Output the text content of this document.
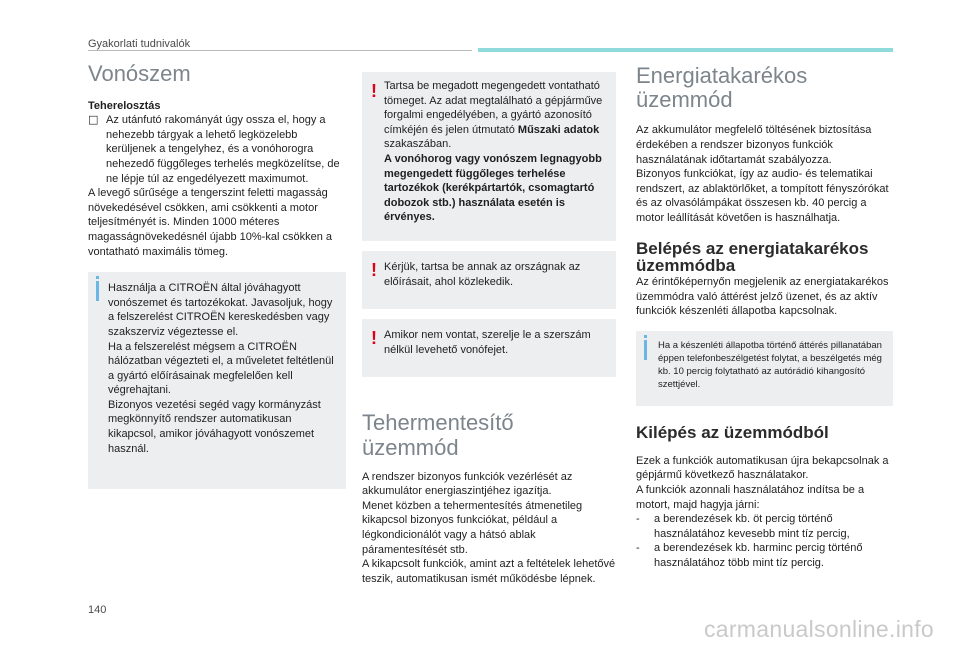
Gyakorlati tudnivalók
Vonószem

Teherelosztás

□ Az utánfutó rakományát úgy ossza el, hogy a nehezebb tárgyak a lehető legközelebb kerüljenek a tengelyhez, és a vonóhorogra nehezedő függőleges terhelés megközelítse, de ne lépje túl az engedélyezett maximumot.

A levegő sűrűsége a tengerszint feletti magasság növekedésével csökken, ami csökkenti a motor teljesítményét is. Minden 1000 méteres magasságnövekedésnél újabb 10%-kal csökken a vontatható maximális tömeg.

Használja a CITROËN által jóváhagyott vonószemet és tartozékokat. Javasoljuk, hogy a felszerelést CITROËN kereskedésben vagy szakszerviz végeztesse el.
Ha a felszerelést mégsem a CITROËN hálózatban végezteti el, a műveletet feltétlenül a gyártó előírásainak megfelelően kell végrehajtani.
Bizonyos vezetési segéd vagy kormányzást megkönnyítő rendszer automatikusan kikapcsol, amikor jóváhagyott vonószemet használ.
! Tartsa be megadott megengedett vontatható tömeget. Az adat megtalálható a gépjárműve forgalmi engedélyében, a gyártó azonosító címkéjén és jelen útmutató Műszaki adatok szakaszában.
A vonóhorog vagy vonószem legnagyobb megengedett függőleges terhelése tartozékok (kerékpártartók, csomagtartó dobozok stb.) használata esetén is érvényes.
! Kérjük, tartsa be annak az országnak az előírásait, ahol közlekedik.
! Amikor nem vontat, szerelje le a szerszám nélkül levehető vonófejet.
Tehermentesítő üzemmód

A rendszer bizonyos funkciók vezérlését az akkumulátor energiaszintjéhez igazítja.
Menet közben a tehermentesítés átmenetileg kikapcsol bizonyos funkciókat, például a légkondicionálót vagy a hátsó ablak páramentesítését stb.
A kikapcsolt funkciók, amint azt a feltételek lehetővé teszik, automatikusan ismét működésbe lépnek.

Energiatakarékos üzemmód

Az akkumulátor megfelelő töltésének biztosítása érdekében a rendszer bizonyos funkciók használatának időtartamát szabályozza.
Bizonyos funkciókat, így az audio- és telematikai rendszert, az ablaktörlőket, a tompított fényszórókat és az olvasólámpákat összesen kb. 40 percig a motor leállítását követően is használhatja.

Belépés az energiatakarékos üzemmódba

Az érintőképernyőn megjelenik az energiatakarékos üzemmódra való áttérést jelző üzenet, és az aktív funkciók készenléti állapotba kapcsolnak.

Ha a készenléti állapotba történő áttérés pillanatában éppen telefonbeszélgetést folytat, a beszélgetés még kb. 10 percig folytatható az autórádió kihangosító szettjével.
Kilépés az üzemmódból

Ezek a funkciók automatikusan újra bekapcsolnak a gépjármű következő használatakor.
A funkciók azonnali használatához indítsa be a motort, majd hagyja járni:

-	a berendezések kb. öt percig történő használatához kevesebb mint tíz percig,
-	a berendezések kb. harminc percig történő használatához több mint tíz percig.
140
carmanualsonline.info
